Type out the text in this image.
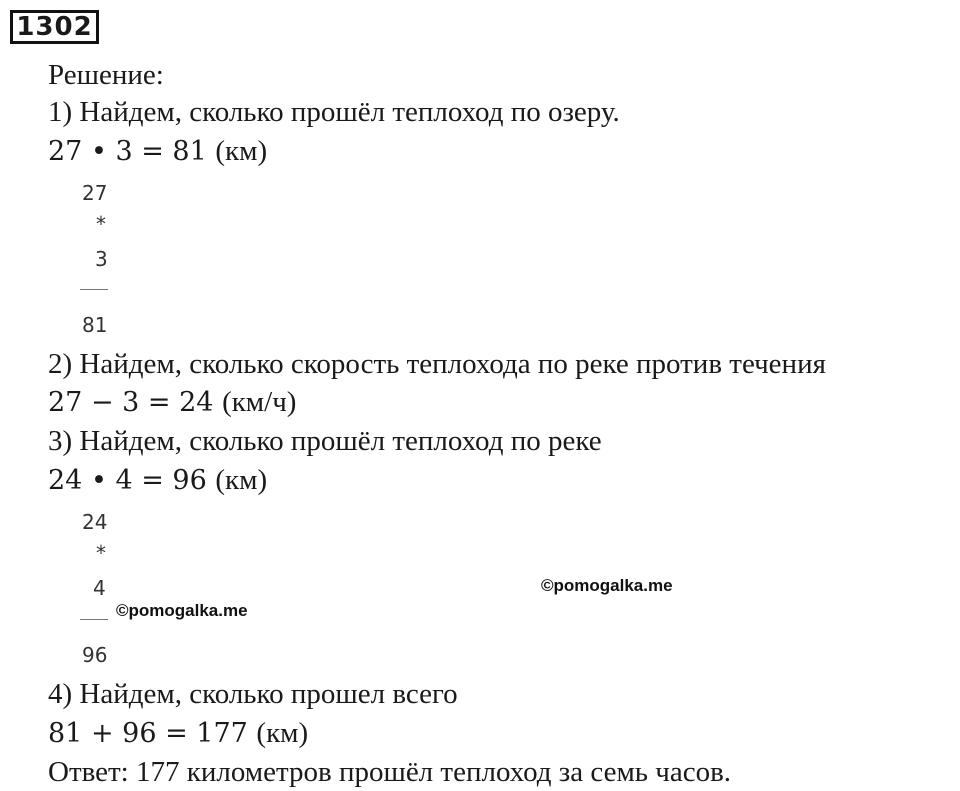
1302
Решение:
1) Найдем, сколько прошёл теплоход по озеру.
27 • 3 = 81 (км)
27
*
3
81
2) Найдем, сколько скорость теплохода по реке против течения
27 − 3 = 24 (км/ч)
3) Найдем, сколько прошёл теплоход по реке
24 • 4 = 96 (км)
24
*
4
96
©pomogalka.me
©pomogalka.me
4) Найдем, сколько прошел всего
81 + 96 = 177 (км)
Ответ: 177 километров прошёл теплоход за семь часов.
